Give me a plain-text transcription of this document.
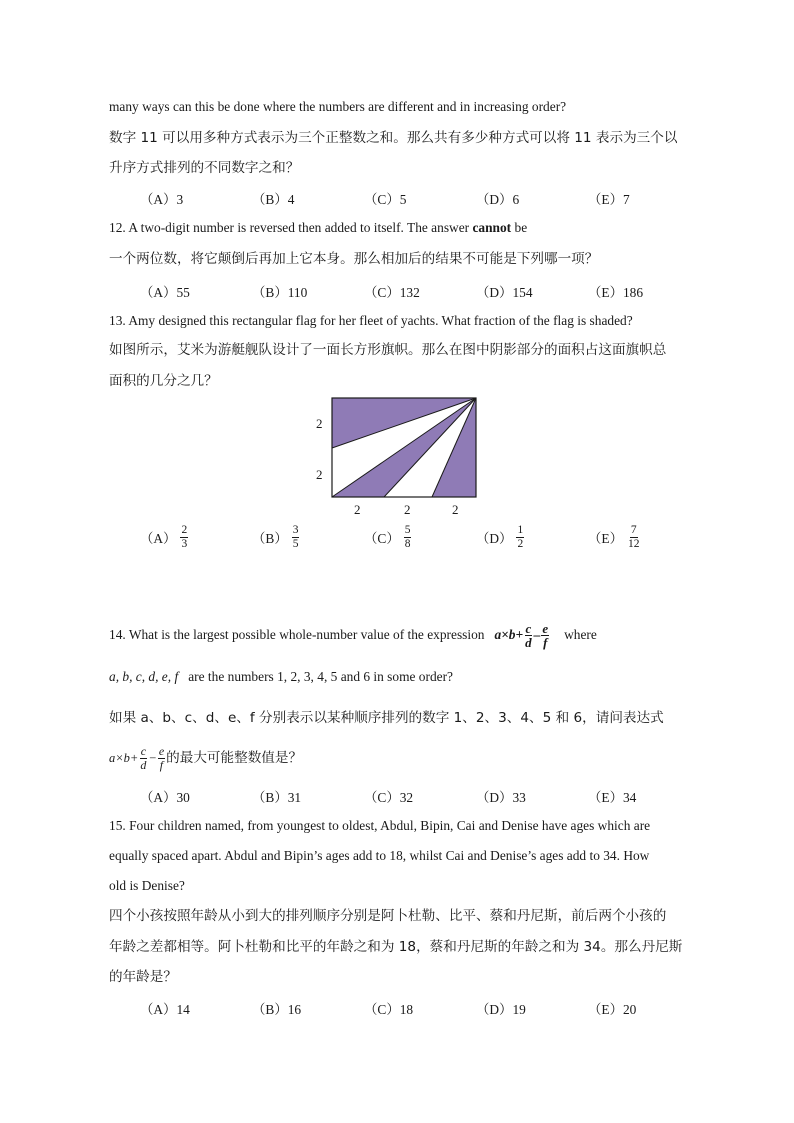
many ways can this be done where the numbers are different and in increasing order?
数字 11 可以用多种方式表示为三个正整数之和。那么共有多少种方式可以将 11 表示为三个以
升序方式排列的不同数字之和？
（A）3	（B）4	（C）5	（D）6	（E）7
12. A two-digit number is reversed then added to itself. The answer cannot be
一个两位数，将它颠倒后再加上它本身。那么相加后的结果不可能是下列哪一项？
（A）55	（B）110	（C）132	（D）154	（E）186
13. Amy designed this rectangular flag for her fleet of yachts. What fraction of the flag is shaded?
如图所示，艾米为游艇舰队设计了一面长方形旗帜。那么在图中阴影部分的面积占这面旗帜总
面积的几分之几？
2
2
2	2	2
$(A) \frac{2}{3}$	$(B) \frac{3}{5}$	$(C) \frac{5}{8}$	$(D) \frac{1}{2}$	$(E) \frac{7}{12}$
14. What is the largest possible whole-number value of the expression $a\times b+ \frac{c}{d} - \frac{e}{f}$ where
a, b, c, d, e, f are the numbers 1, 2, 3, 4, 5 and 6 in some order?
如果 a、b、c、d、e、f 分别表示以某种顺序排列的数字 1、2、3、4、5 和 6，请问表达式
$a\times b+ \frac{c}{d} - \frac{e}{f}$ 的最大可能整数值是？
（A）30	（B）31	（C）32	（D）33	（E）34
15. Four children named, from youngest to oldest, Abdul, Bipin, Cai and Denise have ages which are
equally spaced apart. Abdul and Bipin’s ages add to 18, whilst Cai and Denise’s ages add to 34. How
old is Denise?
四个小孩按照年龄从小到大的排列顺序分别是阿卜杜勒、比平、蔡和丹尼斯，前后两个小孩的
年龄之差都相等。阿卜杜勒和比平的年龄之和为 18，蔡和丹尼斯的年龄之和为 34。那么丹尼斯
的年龄是？
（A）14	（B）16	（C）18	（D）19	（E）20
